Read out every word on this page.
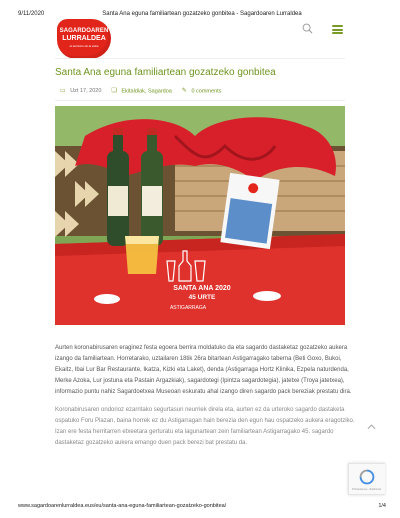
9/11/2020	Santa Ana eguna familiartean gozatzeko gonbitea - Sagardoaren Lurraldea
SAGARDOAREN
LURRALDEA
el territorio de la sidra
Santa Ana eguna familiartean gozatzeko gonbitea
▭ Uzt 17, 2020 ❏ Ekitaldiak, Sagardoa ✎ 0 comments
SANTA ANA 2020
45 URTE
ASTIGARRAGA

Aurten koronabirusaren eraginez festa egoera berrira moldatuko da eta sagardo dastaketaz gozatzeko aukera izango da familiartean. Horretarako, uztailaren 18tik 26ra bitartean Astigarragako taberna (Beti Goxo, Bukoi, Ekaitz, Ibai Lur Bar Restaurante, Ikatza, Kizki eta Laket), denda (Astigarraga Hortz Klinika, Ezpela naturdenda, Merke Azoka, Lur jostuna eta Pastain Argazkiak), sagardotegi (Ipintza sagardotegia), jatetxe (Troya jatetxea), informazio puntu nahiz Sagardoetxea Museoan eskuratu ahal izango diren sagardo pack bereziak prestatu dira.

Koronabirusaren ondorioz ezarritako segurtasun neurriek direla eta, aurten ez da urteroko sagardo dastaketa ospatuko Foru Plazan, baina horrek ez du Astigarragan hain berezia den egun hau ospatzeko aukera eragotziko. Izan ere festa herritarren etxeetara gerturatu eta lagunartean zein familiartean Astigarragako 45. sagardo dastaketaz gozatzeko aukera emango duen pack berezi bat prestatu da.

Pribatutasuna - Baldintzak
www.sagardoarenlurraldea.eus/eu/santa-ana-eguna-familiartean-gozatzeko-gonbitea/	1/4
